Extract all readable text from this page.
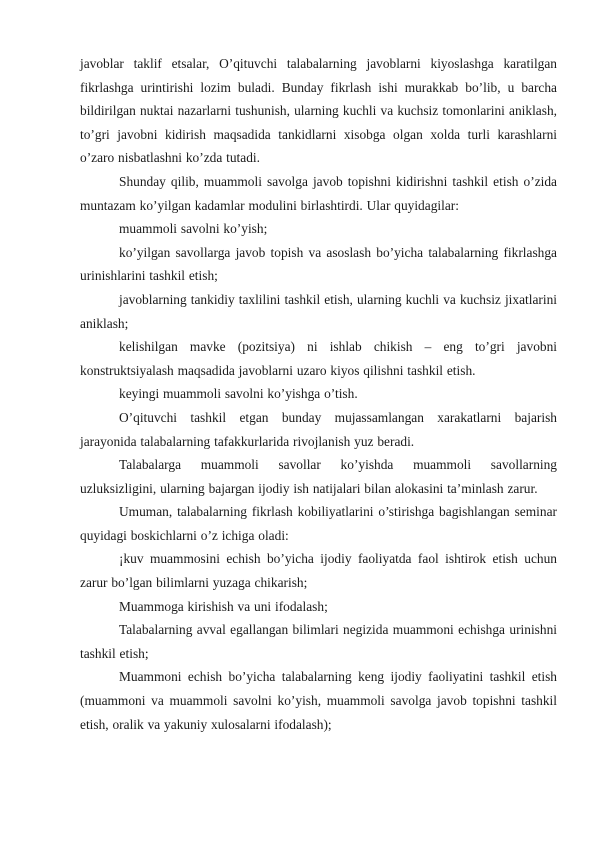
javoblar taklif etsalar, O’qituvchi talabalarning javoblarni kiyoslashga karatilgan fikrlashga urintirishi lozim buladi. Bunday fikrlash ishi murakkab bo’lib, u barcha bildirilgan nuktai nazarlarni tushunish, ularning kuchli va kuchsiz tomonlarini aniklash, to’gri javobni kidirish maqsadida tankidlarni xisobga olgan xolda turli karashlarni o’zaro nisbatlashni ko’zda tutadi.

Shunday qilib, muammoli savolga javob topishni kidirishni tashkil etish o’zida muntazam ko’yilgan kadamlar modulini birlashtirdi. Ular quyidagilar:

muammoli savolni ko’yish;

ko’yilgan savollarga javob topish va asoslash bo’yicha talabalarning fikrlashga urinishlarini tashkil etish;

javoblarning tankidiy taxlilini tashkil etish, ularning kuchli va kuchsiz jixatlarini aniklash;

kelishilgan mavke (pozitsiya) ni ishlab chikish – eng to’gri javobni konstruktsiyalash maqsadida javoblarni uzaro kiyos qilishni tashkil etish.

keyingi muammoli savolni ko’yishga o’tish.

O’qituvchi tashkil etgan bunday mujassamlangan xarakatlarni bajarish jarayonida talabalarning tafakkurlarida rivojlanish yuz beradi.

Talabalarga muammoli savollar ko’yishda muammoli savollarning uzluksizligini, ularning bajargan ijodiy ish natijalari bilan alokasini ta’minlash zarur.

Umuman, talabalarning fikrlash kobiliyatlarini o’stirishga bagishlangan seminar quyidagi boskichlarni o’z ichiga oladi:

¡kuv muammosini echish bo’yicha ijodiy faoliyatda faol ishtirok etish uchun zarur bo’lgan bilimlarni yuzaga chikarish;

Muammoga kirishish va uni ifodalash;

Talabalarning avval egallangan bilimlari negizida muammoni echishga urinishni tashkil etish;

Muammoni echish bo’yicha talabalarning keng ijodiy faoliyatini tashkil etish (muammoni va muammoli savolni ko’yish, muammoli savolga javob topishni tashkil etish, oralik va yakuniy xulosalarni ifodalash);
